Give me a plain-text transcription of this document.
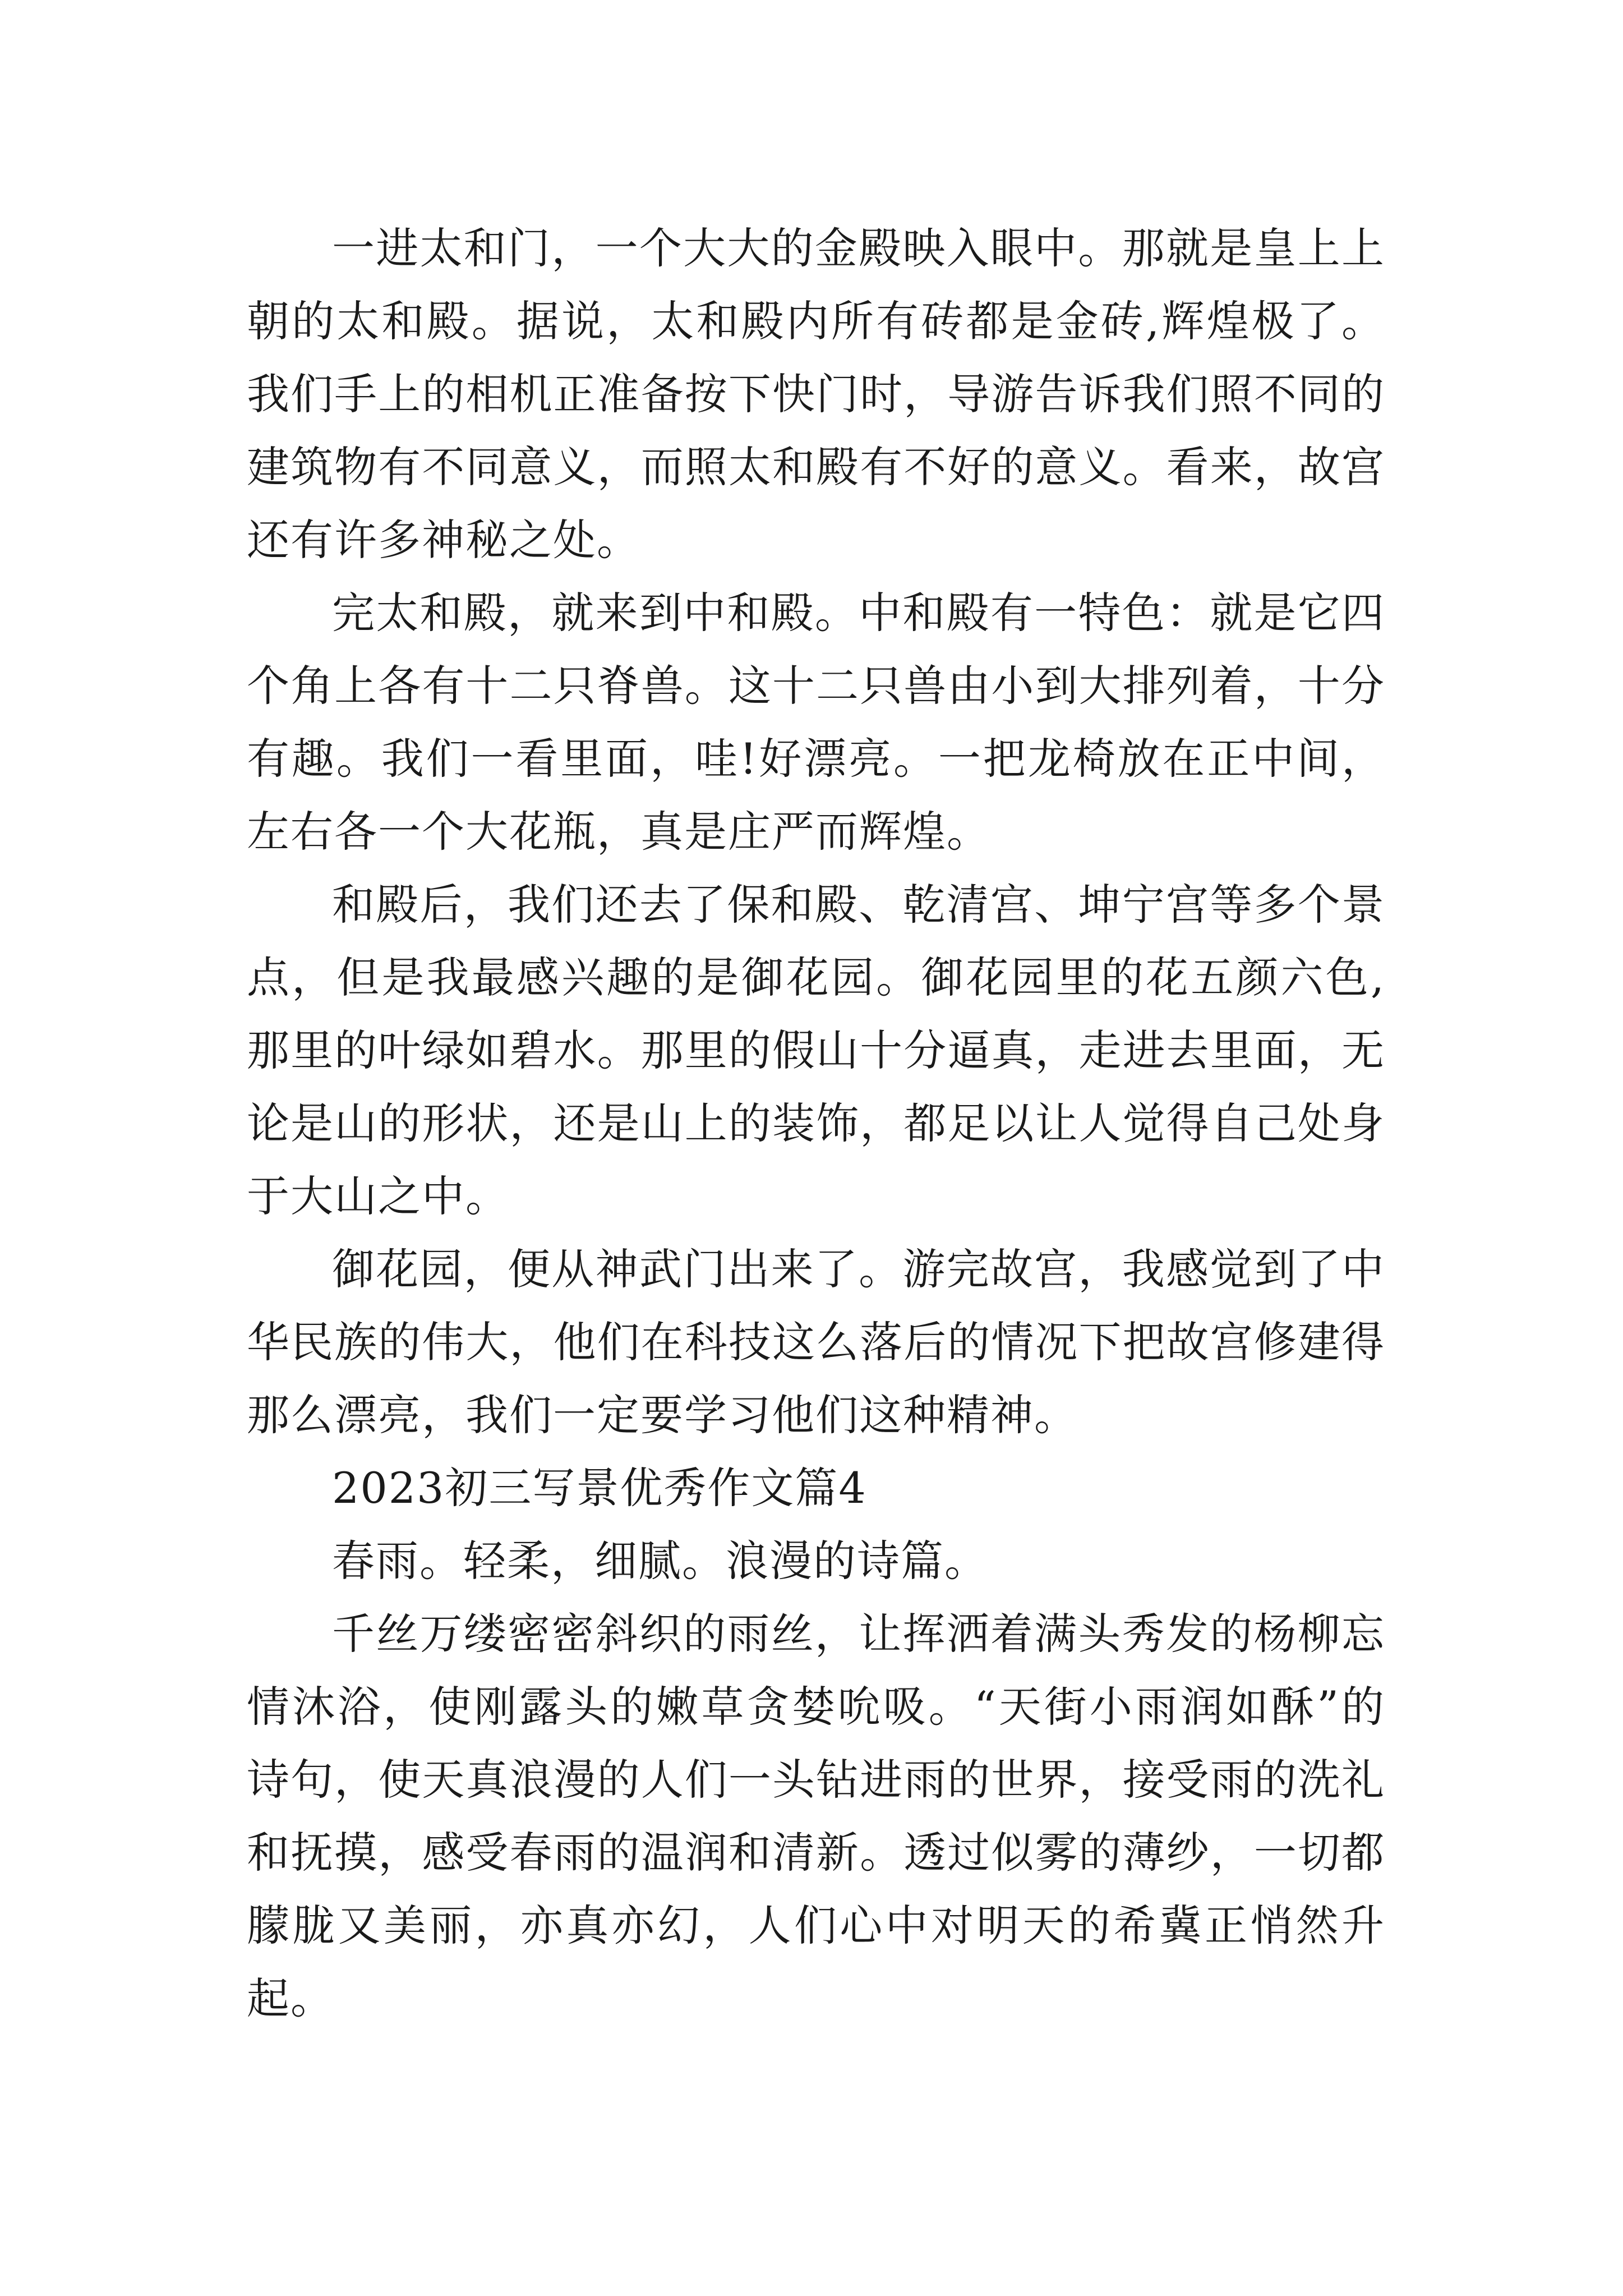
一进太和门，一个大大的金殿映入眼中。那就是皇上上朝的太和殿。据说，太和殿内所有砖都是金砖,辉煌极了。我们手上的相机正准备按下快门时，导游告诉我们照不同的建筑物有不同意义，而照太和殿有不好的意义。看来，故宫还有许多神秘之处。

完太和殿，就来到中和殿。中和殿有一特色：就是它四个角上各有十二只脊兽。这十二只兽由小到大排列着，十分有趣。我们一看里面，哇!好漂亮。一把龙椅放在正中间，左右各一个大花瓶，真是庄严而辉煌。

和殿后，我们还去了保和殿、乾清宫、坤宁宫等多个景点，但是我最感兴趣的是御花园。御花园里的花五颜六色,那里的叶绿如碧水。那里的假山十分逼真，走进去里面，无论是山的形状，还是山上的装饰，都足以让人觉得自己处身于大山之中。

御花园，便从神武门出来了。游完故宫，我感觉到了中华民族的伟大，他们在科技这么落后的情况下把故宫修建得那么漂亮，我们一定要学习他们这种精神。

2023初三写景优秀作文篇4

春雨。轻柔，细腻。浪漫的诗篇。

千丝万缕密密斜织的雨丝，让挥洒着满头秀发的杨柳忘情沐浴，使刚露头的嫩草贪婪吮吸。“天街小雨润如酥”的诗句，使天真浪漫的人们一头钻进雨的世界，接受雨的洗礼和抚摸，感受春雨的温润和清新。透过似雾的薄纱，一切都朦胧又美丽，亦真亦幻，人们心中对明天的希冀正悄然升起。
